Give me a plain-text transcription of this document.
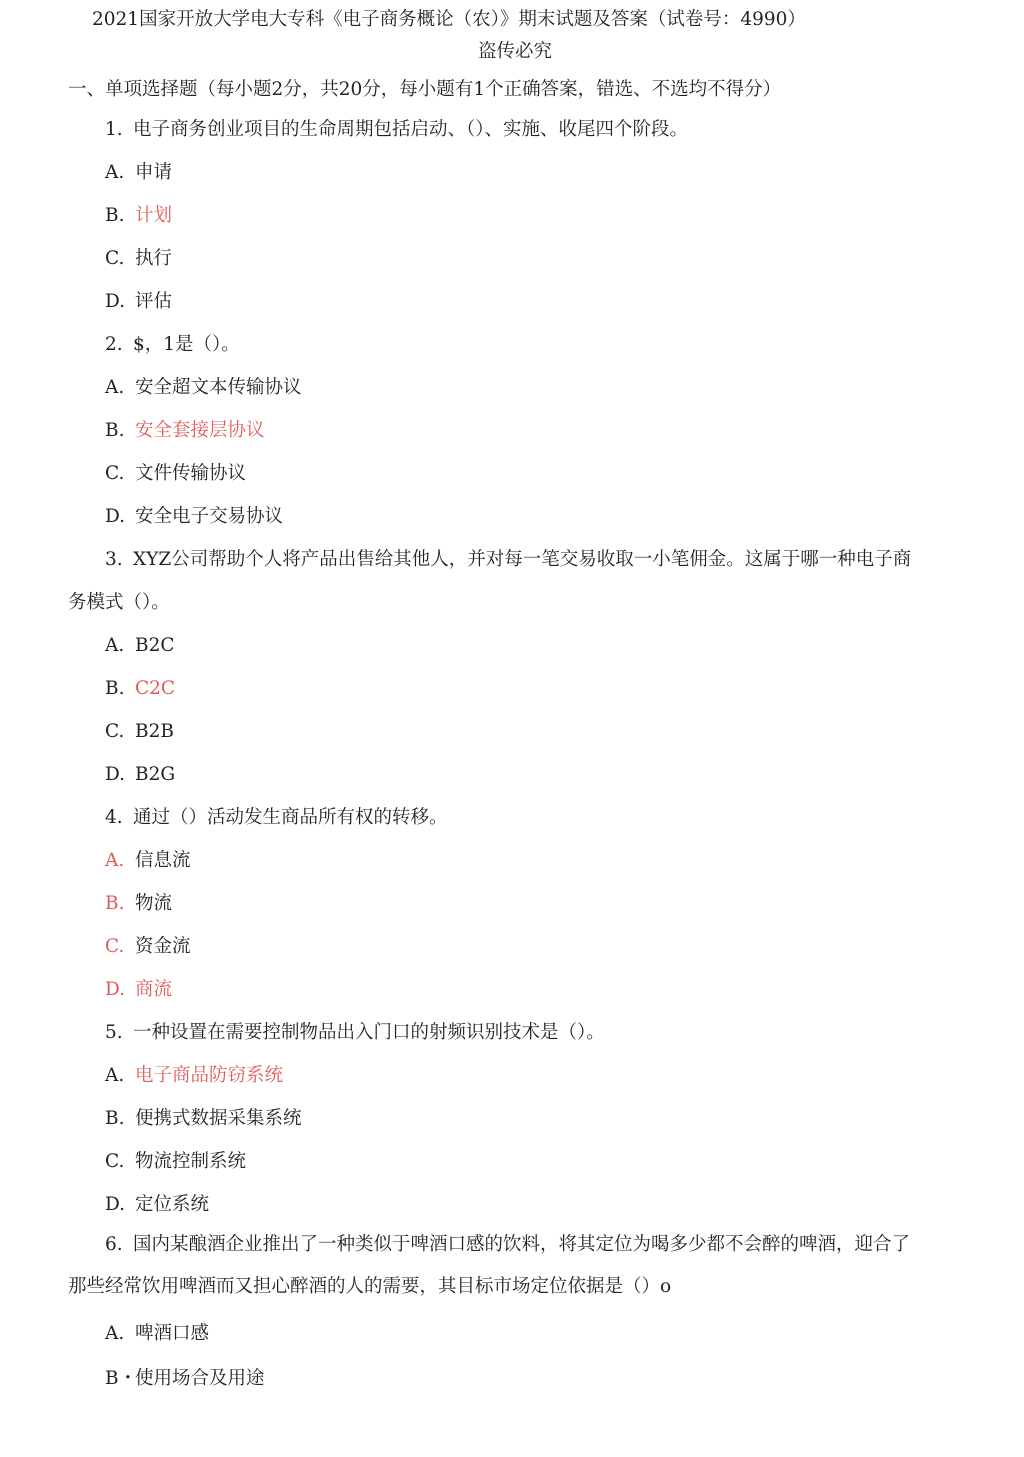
2021国家开放大学电大专科《电子商务概论（农）》期末试题及答案（试卷号：4990）
盗传必究
一、单项选择题（每小题2分，共20分，每小题有1个正确答案，错选、不选均不得分）
1. 电子商务创业项目的生命周期包括启动、（）、实施、收尾四个阶段。
A. 申请
B. 计划
C. 执行
D. 评估
2. $，1是（）。
A. 安全超文本传输协议
B. 安全套接层协议
C. 文件传输协议
D. 安全电子交易协议
3. XYZ公司帮助个人将产品出售给其他人，并对每一笔交易收取一小笔佣金。这属于哪一种电子商
务模式（）。
A. B2C
B. C2C
C. B2B
D. B2G
4. 通过（）活动发生商品所有权的转移。
A. 信息流
B. 物流
C. 资金流
D. 商流
5. 一种设置在需要控制物品出入门口的射频识别技术是（）。
A. 电子商品防窃系统
B. 便携式数据采集系统
C. 物流控制系统
D. 定位系统
6. 国内某酿酒企业推出了一种类似于啤酒口感的饮料，将其定位为喝多少都不会醉的啤酒，迎合了
那些经常饮用啤酒而又担心醉酒的人的需要，其目标市场定位依据是（）o
A. 啤酒口感
B・使用场合及用途
